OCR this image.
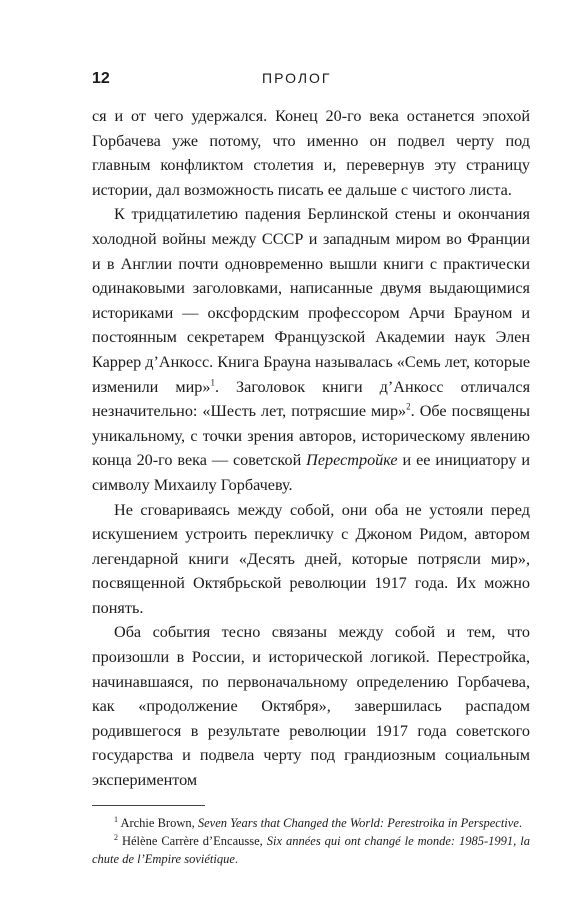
12	ПРОЛОГ

ся и от чего удержался. Конец 20-го века останется эпохой Горбачева уже потому, что именно он подвел черту под главным конфликтом столетия и, перевернув эту страницу истории, дал возможность писать ее дальше с чистого листа.

К тридцатилетию падения Берлинской стены и окончания холодной войны между СССР и западным миром во Франции и в Англии почти одновременно вышли книги с практически одинаковыми заголовками, написанные двумя выдающимися историками — оксфордским профессором Арчи Брауном и постоянным секретарем Французской Академии наук Элен Каррер д’Анкосс. Книга Брауна называлась «Семь лет, которые изменили мир»$^1$. Заголовок книги д’Анкосс отличался незначительно: «Шесть лет, потрясшие мир»$^2$. Обе посвящены уникальному, с точки зрения авторов, историческому явлению конца 20-го века — советской Перестройке и ее инициатору и символу Михаилу Горбачеву.

Не сговариваясь между собой, они оба не устояли перед искушением устроить перекличку с Джоном Ридом, автором легендарной книги «Десять дней, которые потрясли мир», посвященной Октябрьской революции 1917 года. Их можно понять.

Оба события тесно связаны между собой и тем, что произошли в России, и исторической логикой. Перестройка, начинавшаяся, по первоначальному определению Горбачева, как «продолжение Октября», завершилась распадом родившегося в результате революции 1917 года советского государства и подвела черту под грандиозным социальным экспериментом

$^1$ Archie Brown, Seven Years that Changed the World: Perestroika in Perspective.

$^2$ Hélène Carrère d’Encausse, Six années qui ont changé le monde: 1985-1991, la chute de l’Empire soviétique.
